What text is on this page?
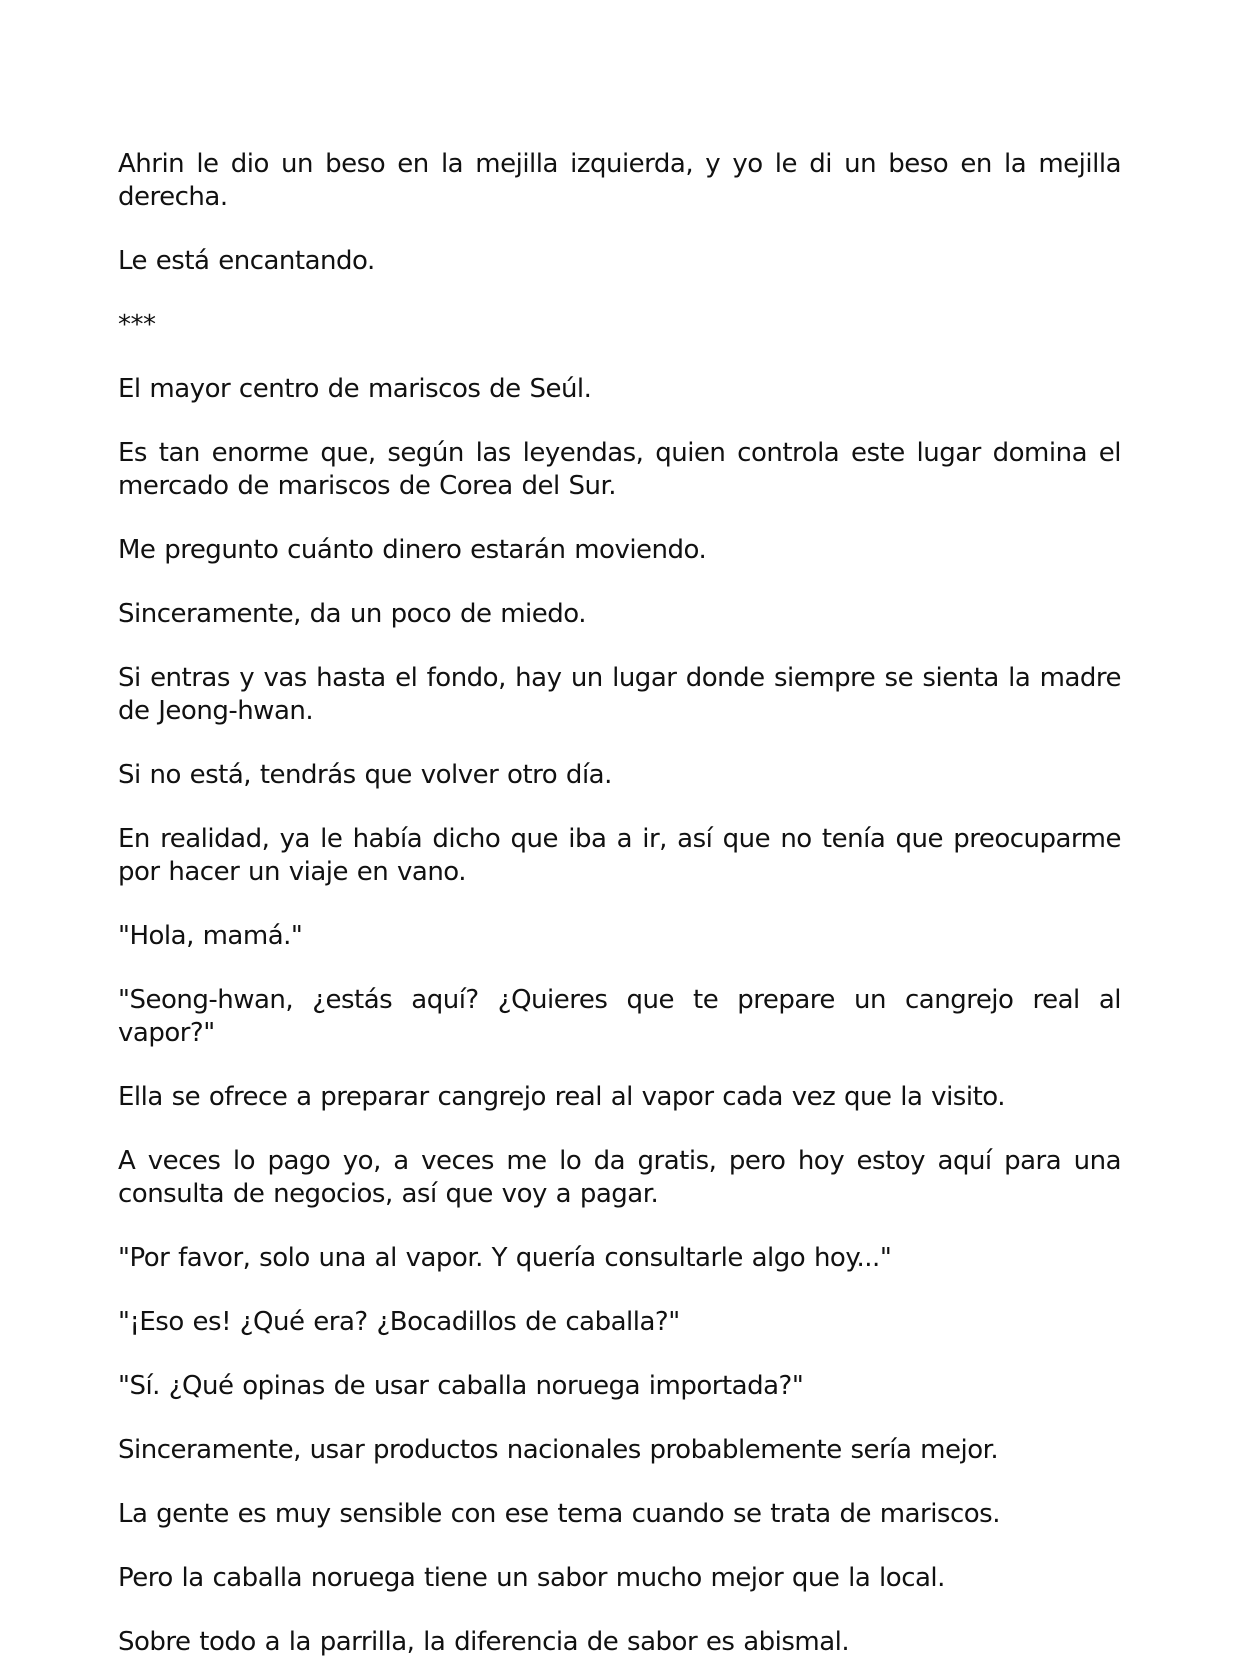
Ahrin le dio un beso en la mejilla izquierda, y yo le di un beso en la mejilla derecha.

Le está encantando.

***

El mayor centro de mariscos de Seúl.

Es tan enorme que, según las leyendas, quien controla este lugar domina el mercado de mariscos de Corea del Sur.

Me pregunto cuánto dinero estarán moviendo.

Sinceramente, da un poco de miedo.

Si entras y vas hasta el fondo, hay un lugar donde siempre se sienta la madre de Jeong-hwan.

Si no está, tendrás que volver otro día.

En realidad, ya le había dicho que iba a ir, así que no tenía que preocuparme por hacer un viaje en vano.

"Hola, mamá."

"Seong-hwan, ¿estás aquí? ¿Quieres que te prepare un cangrejo real al vapor?"

Ella se ofrece a preparar cangrejo real al vapor cada vez que la visito.

A veces lo pago yo, a veces me lo da gratis, pero hoy estoy aquí para una consulta de negocios, así que voy a pagar.

"Por favor, solo una al vapor. Y quería consultarle algo hoy..."

"¡Eso es! ¿Qué era? ¿Bocadillos de caballa?"

"Sí. ¿Qué opinas de usar caballa noruega importada?"

Sinceramente, usar productos nacionales probablemente sería mejor.

La gente es muy sensible con ese tema cuando se trata de mariscos.

Pero la caballa noruega tiene un sabor mucho mejor que la local.

Sobre todo a la parrilla, la diferencia de sabor es abismal.
